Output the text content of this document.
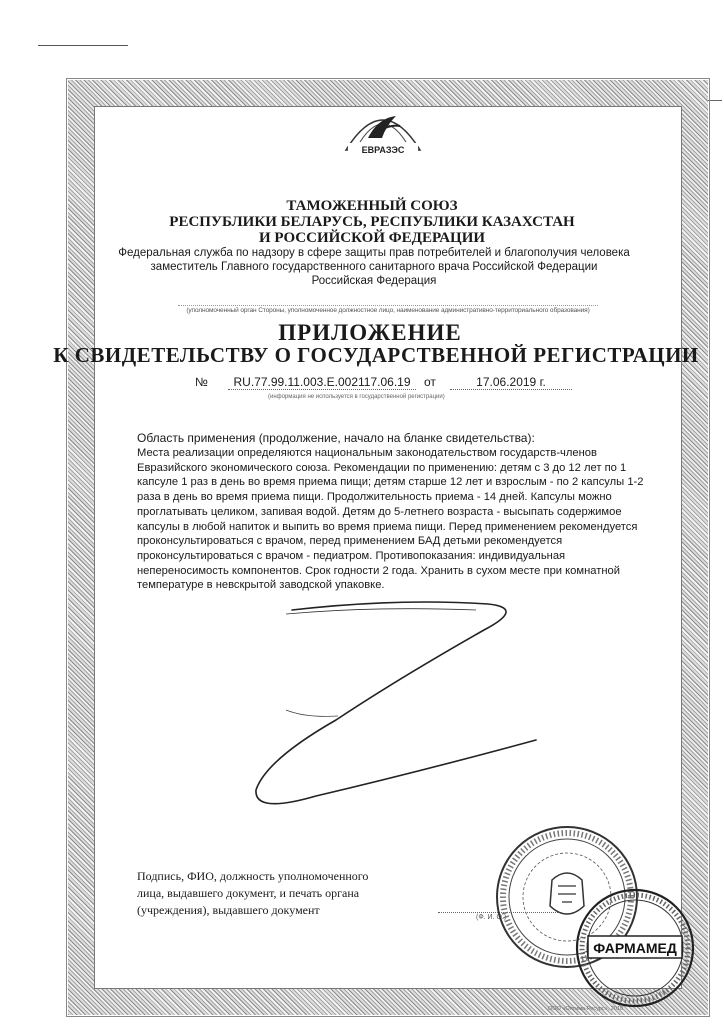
ЕВРАЗЭС
ТАМОЖЕННЫЙ СОЮЗ
РЕСПУБЛИКИ БЕЛАРУСЬ, РЕСПУБЛИКИ КАЗАХСТАН
И РОССИЙСКОЙ ФЕДЕРАЦИИ
Федеральная служба по надзору в сфере защиты прав потребителей и благополучия человека
заместитель Главного государственного санитарного врача Российской Федерации
Российская Федерация
(уполномоченный орган Стороны, уполномоченное должностное лицо, наименование административно-территориального образования)
ПРИЛОЖЕНИЕ
К СВИДЕТЕЛЬСТВУ О ГОСУДАРСТВЕННОЙ РЕГИСТРАЦИИ
№	RU.77.99.11.003.E.002117.06.19	от	17.06.2019 г.
(информация не используется в государственной регистрации)
Область применения (продолжение, начало на бланке свидетельства):
Места реализации определяются национальным законодательством государств-членов
Евразийского экономического союза. Рекомендации по применению: детям с 3 до 12 лет по 1
капсуле 1 раз в день во время приема пищи; детям старше 12 лет и взрослым - по 2 капсулы 1-2
раза в день во время приема пищи. Продолжительность приема - 14 дней. Капсулы можно
проглатывать целиком, запивая водой. Детям до 5-летнего возраста - высыпать содержимое
капсулы в любой напиток и выпить во время приема пищи. Перед применением рекомендуется
проконсультироваться с врачом, перед применением БАД детьми рекомендуется
проконсультироваться с врачом - педиатром. Противопоказания: индивидуальная
непереносимость компонентов. Срок годности 2 года. Хранить в сухом месте при комнатной
температуре в невскрытой заводской упаковке.
Подпись, ФИО, должность уполномоченного
лица, выдавшего документ, и печать органа
(учреждения), выдавшего документ
(Ф. И. О.)
ФАРМАМЕД
ООО «Оптима-Ресурс», 2018
